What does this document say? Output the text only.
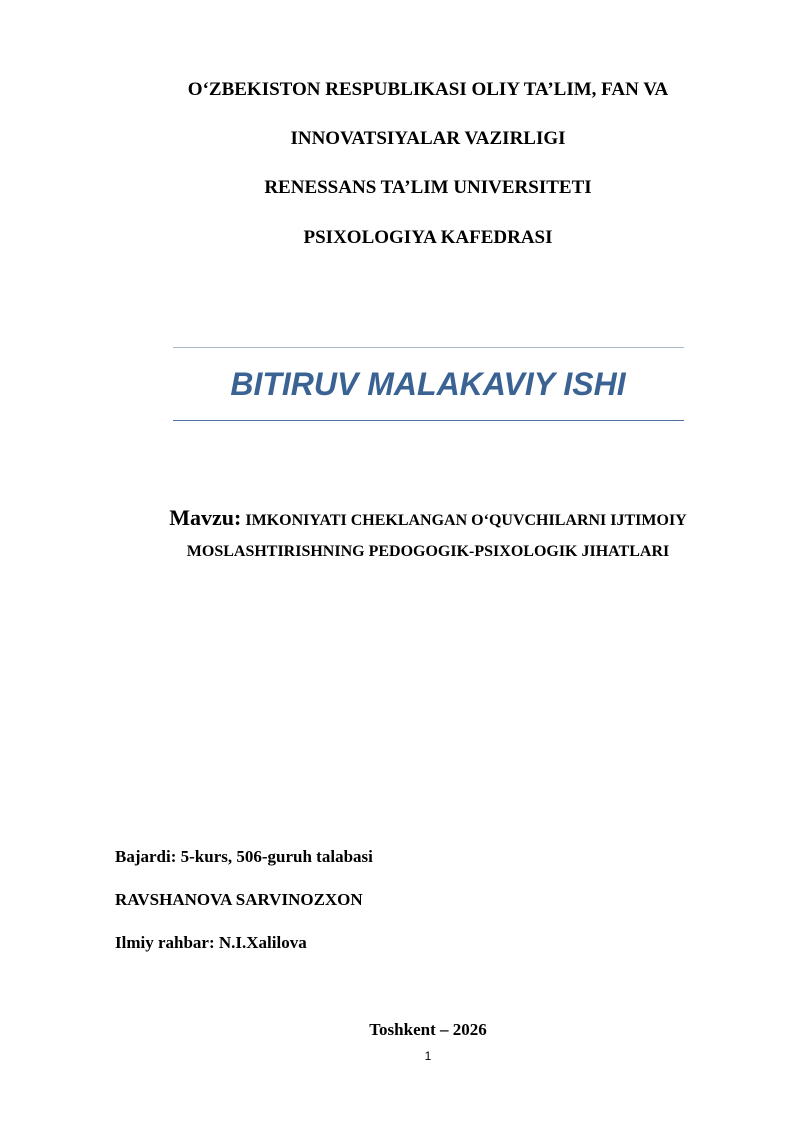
O‘ZBEKISTON RESPUBLIKASI OLIY TA’LIM, FAN VA
INNOVATSIYALAR VAZIRLIGI
RENESSANS TA’LIM UNIVERSITETI
PSIXOLOGIYA KAFEDRASI
BITIRUV MALAKAVIY ISHI
Mavzu: IMKONIYATI CHEKLANGAN O‘QUVCHILARNI IJTIMOIY
MOSLASHTIRISHNING PEDOGOGIK-PSIXOLOGIK JIHATLARI
Bajardi: 5-kurs, 506-guruh talabasi
RAVSHANOVA SARVINOZXON
Ilmiy rahbar: N.I.Xalilova
Toshkent – 2026
1
